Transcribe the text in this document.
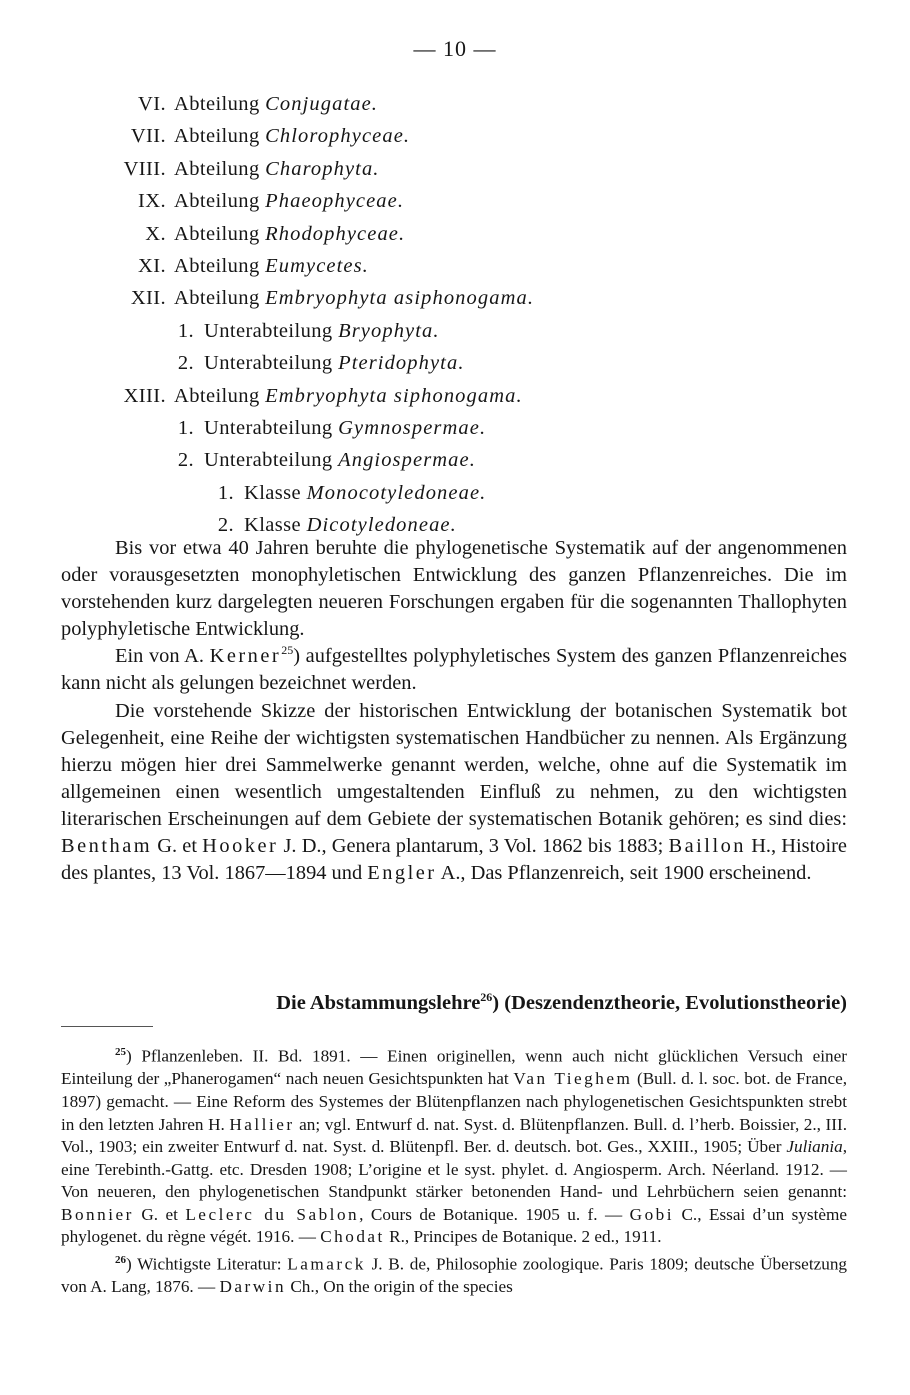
— 10 —
VI. Abteilung Conjugatae.
VII. Abteilung Chlorophyceae.
VIII. Abteilung Charophyta.
IX. Abteilung Phaeophyceae.
X. Abteilung Rhodophyceae.
XI. Abteilung Eumycetes.
XII. Abteilung Embryophyta asiphonogama.
1. Unterabteilung Bryophyta.
2. Unterabteilung Pteridophyta.
XIII. Abteilung Embryophyta siphonogama.
1. Unterabteilung Gymnospermae.
2. Unterabteilung Angiospermae.
1. Klasse Monocotyledoneae.
2. Klasse Dicotyledoneae.

Bis vor etwa 40 Jahren beruhte die phylogenetische Systematik auf der angenommenen oder vorausgesetzten monophyletischen Entwicklung des ganzen Pflanzenreiches. Die im vorstehenden kurz dargelegten neueren Forschungen ergaben für die sogenannten Thallophyten polyphyletische Entwicklung.

Ein von A. Kerner$^{25}$) aufgestelltes polyphyletisches System des ganzen Pflanzenreiches kann nicht als gelungen bezeichnet werden.

Die vorstehende Skizze der historischen Entwicklung der botanischen Systematik bot Gelegenheit, eine Reihe der wichtigsten systematischen Handbücher zu nennen. Als Ergänzung hierzu mögen hier drei Sammelwerke genannt werden, welche, ohne auf die Systematik im allgemeinen einen wesentlich umgestaltenden Einfluß zu nehmen, zu den wichtigsten literarischen Erscheinungen auf dem Gebiete der systematischen Botanik gehören; es sind dies: Bentham G. et Hooker J. D., Genera plantarum, 3 Vol. 1862 bis 1883; Baillon H., Histoire des plantes, 13 Vol. 1867—1894 und Engler A., Das Pflanzenreich, seit 1900 erscheinend.

Die Abstammungslehre$^{26}$) (Deszendenztheorie, Evolutionstheorie)

$^{25}$) Pflanzenleben. II. Bd. 1891. — Einen originellen, wenn auch nicht glücklichen Versuch einer Einteilung der „Phanerogamen“ nach neuen Gesichtspunkten hat Van Tieghem (Bull. d. l. soc. bot. de France, 1897) gemacht. — Eine Reform des Systemes der Blütenpflanzen nach phylogenetischen Gesichtspunkten strebt in den letzten Jahren H. Hallier an; vgl. Entwurf d. nat. Syst. d. Blütenpflanzen. Bull. d. l’herb. Boissier, 2., III. Vol., 1903; ein zweiter Entwurf d. nat. Syst. d. Blütenpfl. Ber. d. deutsch. bot. Ges., XXIII., 1905; Über Juliania, eine Terebinth.-Gattg. etc. Dresden 1908; L’origine et le syst. phylet. d. Angiosperm. Arch. Néerland. 1912. — Von neueren, den phylogenetischen Standpunkt stärker betonenden Hand- und Lehrbüchern seien genannt: Bonnier G. et Leclerc du Sablon, Cours de Botanique. 1905 u. f. — Gobi C., Essai d’un système phylogenet. du règne végét. 1916. — Chodat R., Principes de Botanique. 2 ed., 1911.

$^{26}$) Wichtigste Literatur: Lamarck J. B. de, Philosophie zoologique. Paris 1809; deutsche Übersetzung von A. Lang, 1876. — Darwin Ch., On the origin of the species
